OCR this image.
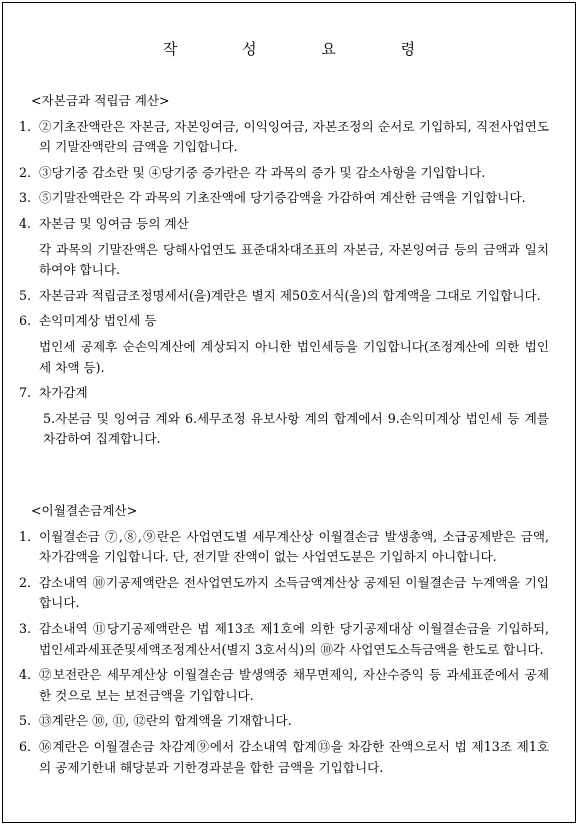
작 성 요 령
<자본금과 적립금 계산>
1. ②기초잔액란은 자본금, 자본잉여금, 이익잉여금, 자본조정의 순서로 기입하되, 직전사업연도의 기말잔액란의 금액을 기입합니다.
2. ③당기중 감소란 및 ④당기중 증가란은 각 과목의 증가 및 감소사항을 기입합니다.
3. ⑤기말잔액란은 각 과목의 기초잔액에 당기증감액을 가감하여 계산한 금액을 기입합니다.
4. 자본금 및 잉여금 등의 계산
각 과목의 기말잔액은 당해사업연도 표준대차대조표의 자본금, 자본잉여금 등의 금액과 일치하여야 합니다.
5. 자본금과 적립금조정명세서(을)계란은 별지 제50호서식(을)의 합계액을 그대로 기입합니다.
6. 손익미계상 법인세 등
법인세 공제후 순손익계산에 계상되지 아니한 법인세등을 기입합니다(조정계산에 의한 법인세 차액 등).
7. 차가감계
5.자본금 및 잉여금 계와 6.세무조정 유보사항 계의 합계에서 9.손익미계상 법인세 등 계를 차감하여 집계합니다.
<이월결손금계산>
1. 이월결손금 ⑦,⑧,⑨란은 사업연도별 세무계산상 이월결손금 발생총액, 소급공제받은 금액, 차가감액을 기입합니다. 단, 전기말 잔액이 없는 사업연도분은 기입하지 아니합니다.
2. 감소내역 ⑩기공제액란은 전사업연도까지 소득금액계산상 공제된 이월결손금 누계액을 기입합니다.
3. 감소내역 ⑪당기공제액란은 법 제13조 제1호에 의한 당기공제대상 이월결손금을 기입하되, 법인세과세표준및세액조정계산서(별지 3호서식)의 ⑩각 사업연도소득금액을 한도로 합니다.
4. ⑫보전란은 세무계산상 이월결손금 발생액중 채무면제익, 자산수증익 등 과세표준에서 공제한 것으로 보는 보전금액을 기입합니다.
5. ⑬계란은 ⑩, ⑪, ⑫란의 합계액을 기재합니다.
6. ⑯계란은 이월결손금 차감계⑨에서 감소내역 합계⑬을 차감한 잔액으로서 법 제13조 제1호의 공제기한내 해당분과 기한경과분을 합한 금액을 기입합니다.
